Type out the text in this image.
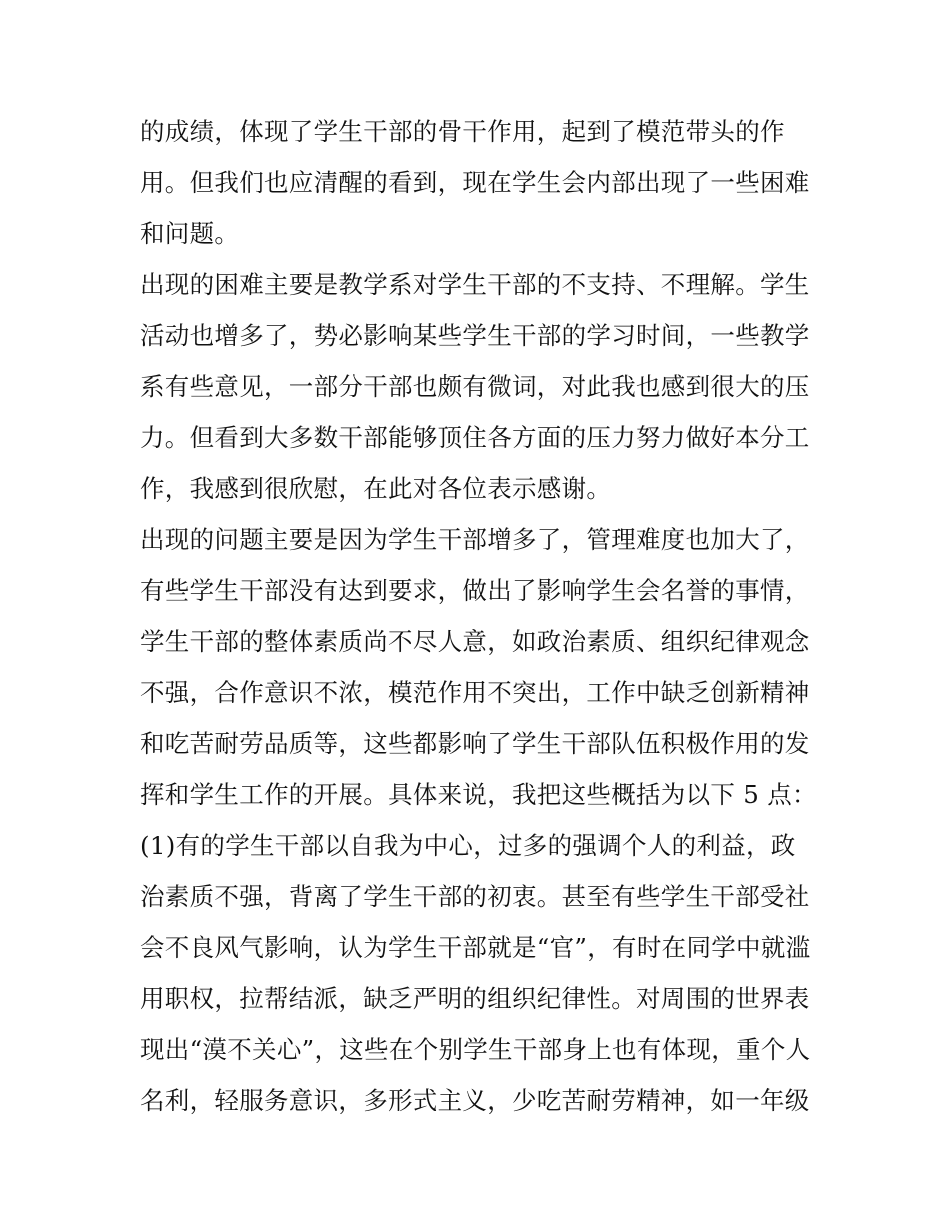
的成绩，体现了学生干部的骨干作用，起到了模范带头的作
用。但我们也应清醒的看到，现在学生会内部出现了一些困难
和问题。
出现的困难主要是教学系对学生干部的不支持、不理解。学生
活动也增多了，势必影响某些学生干部的学习时间，一些教学
系有些意见，一部分干部也颇有微词，对此我也感到很大的压
力。但看到大多数干部能够顶住各方面的压力努力做好本分工
作，我感到很欣慰，在此对各位表示感谢。
出现的问题主要是因为学生干部增多了，管理难度也加大了，
有些学生干部没有达到要求，做出了影响学生会名誉的事情，
学生干部的整体素质尚不尽人意，如政治素质、组织纪律观念
不强，合作意识不浓，模范作用不突出，工作中缺乏创新精神
和吃苦耐劳品质等，这些都影响了学生干部队伍积极作用的发
挥和学生工作的开展。具体来说，我把这些概括为以下 5 点：
(1)有的学生干部以自我为中心，过多的强调个人的利益，政
治素质不强，背离了学生干部的初衷。甚至有些学生干部受社
会不良风气影响，认为学生干部就是“官”，有时在同学中就滥
用职权，拉帮结派，缺乏严明的组织纪律性。对周围的世界表
现出“漠不关心”，这些在个别学生干部身上也有体现，重个人
名利，轻服务意识，多形式主义，少吃苦耐劳精神，如一年级
